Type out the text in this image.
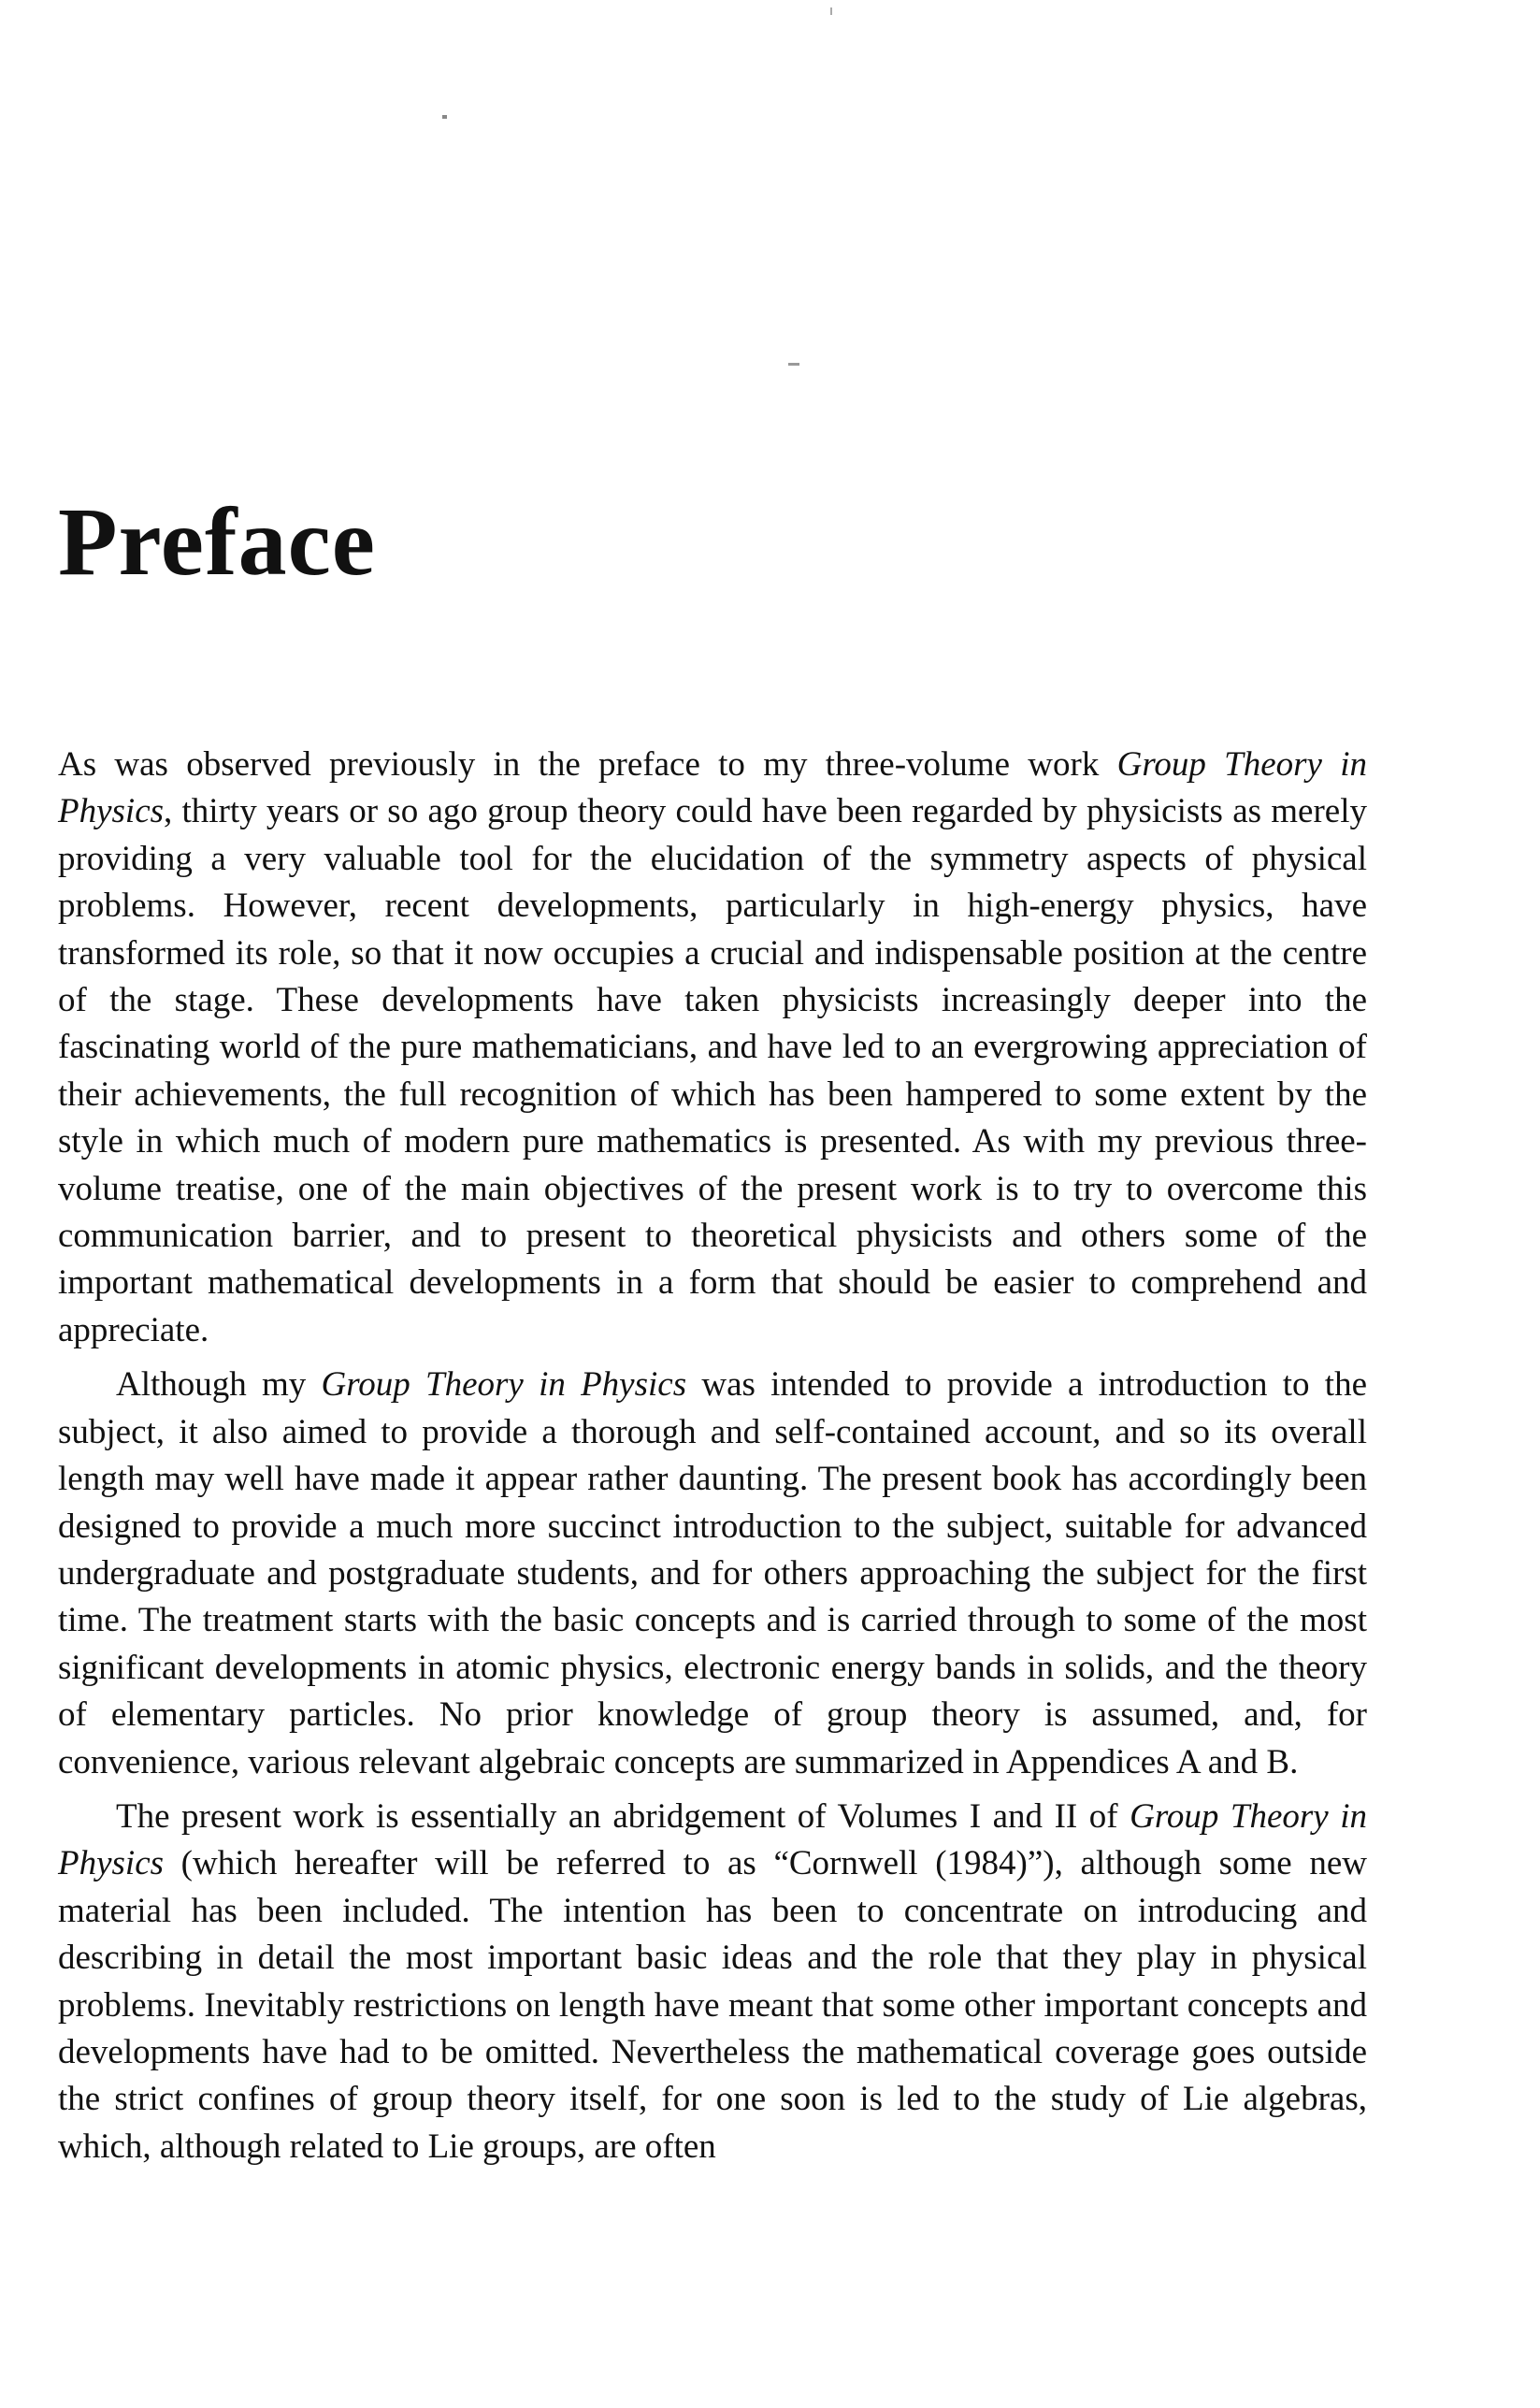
Preface

As was observed previously in the preface to my three-volume work Group Theory in Physics, thirty years or so ago group theory could have been regarded by physicists as merely providing a very valuable tool for the elucidation of the symmetry aspects of physical problems. However, recent developments, particularly in high-energy physics, have transformed its role, so that it now occupies a crucial and indispensable position at the centre of the stage. These developments have taken physicists increasingly deeper into the fascinating world of the pure mathematicians, and have led to an evergrowing appreciation of their achievements, the full recognition of which has been hampered to some extent by the style in which much of modern pure mathematics is presented. As with my previous three-volume treatise, one of the main objectives of the present work is to try to overcome this communication barrier, and to present to theoretical physicists and others some of the important mathematical developments in a form that should be easier to comprehend and appreciate.

Although my Group Theory in Physics was intended to provide a introduction to the subject, it also aimed to provide a thorough and self-contained account, and so its overall length may well have made it appear rather daunting. The present book has accordingly been designed to provide a much more succinct introduction to the subject, suitable for advanced undergraduate and postgraduate students, and for others approaching the subject for the first time. The treatment starts with the basic concepts and is carried through to some of the most significant developments in atomic physics, electronic energy bands in solids, and the theory of elementary particles. No prior knowledge of group theory is assumed, and, for convenience, various relevant algebraic concepts are summarized in Appendices A and B.

The present work is essentially an abridgement of Volumes I and II of Group Theory in Physics (which hereafter will be referred to as “Cornwell (1984)”), although some new material has been included. The intention has been to concentrate on introducing and describing in detail the most important basic ideas and the role that they play in physical problems. Inevitably restrictions on length have meant that some other important concepts and developments have had to be omitted. Nevertheless the mathematical coverage goes outside the strict confines of group theory itself, for one soon is led to the study of Lie algebras, which, although related to Lie groups, are often
